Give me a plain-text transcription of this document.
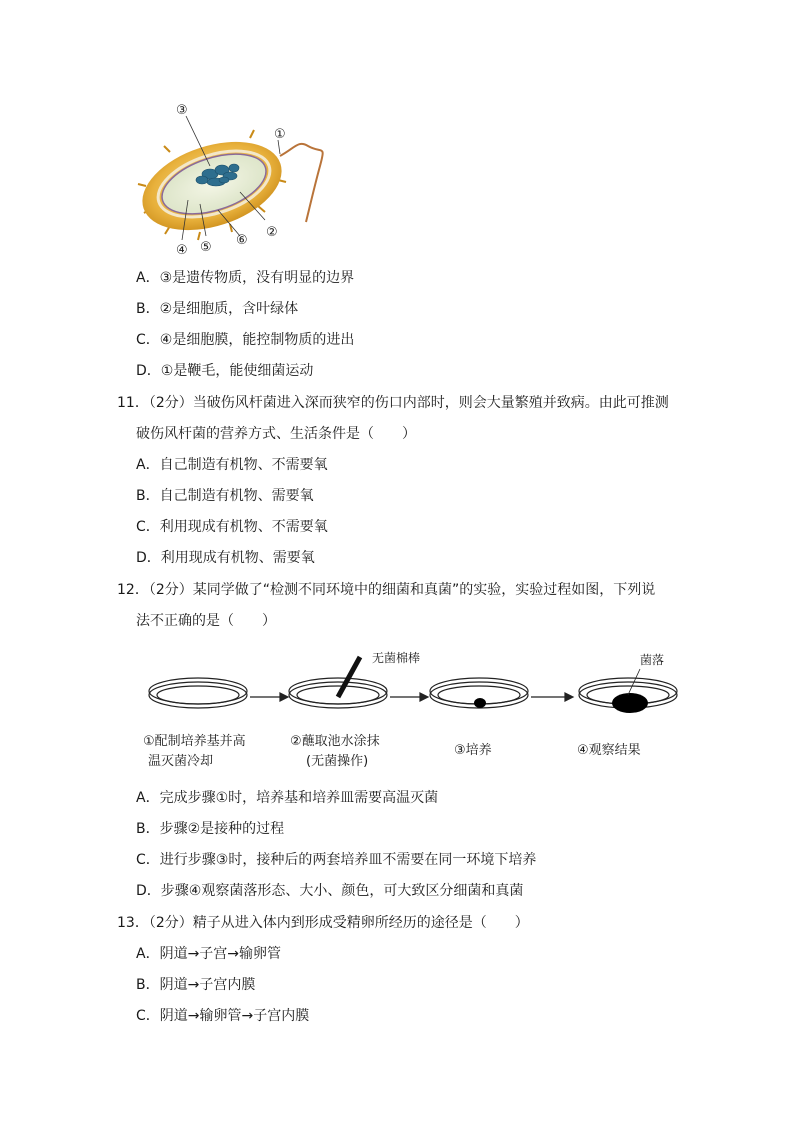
③
①
②
④ ⑤ ⑥
A．③是遗传物质，没有明显的边界
B．②是细胞质，含叶绿体
C．④是细胞膜，能控制物质的进出
D．①是鞭毛，能使细菌运动
11．（2分）当破伤风杆菌进入深而狭窄的伤口内部时，则会大量繁殖并致病。由此可推测
破伤风杆菌的营养方式、生活条件是（　　）
A．自己制造有机物、不需要氧
B．自己制造有机物、需要氧
C．利用现成有机物、不需要氧
D．利用现成有机物、需要氧
12．（2分）某同学做了“检测不同环境中的细菌和真菌”的实验，实验过程如图，下列说
法不正确的是（　　）
无菌棉棒	菌落
①配制培养基并高
温灭菌冷却
②蘸取池水涂抹
(无菌操作)
③培养	④观察结果
A．完成步骤①时，培养基和培养皿需要高温灭菌
B．步骤②是接种的过程
C．进行步骤③时，接种后的两套培养皿不需要在同一环境下培养
D．步骤④观察菌落形态、大小、颜色，可大致区分细菌和真菌
13．（2分）精子从进入体内到形成受精卵所经历的途径是（　　）
A．阴道→子宫→输卵管
B．阴道→子宫内膜
C．阴道→输卵管→子宫内膜
